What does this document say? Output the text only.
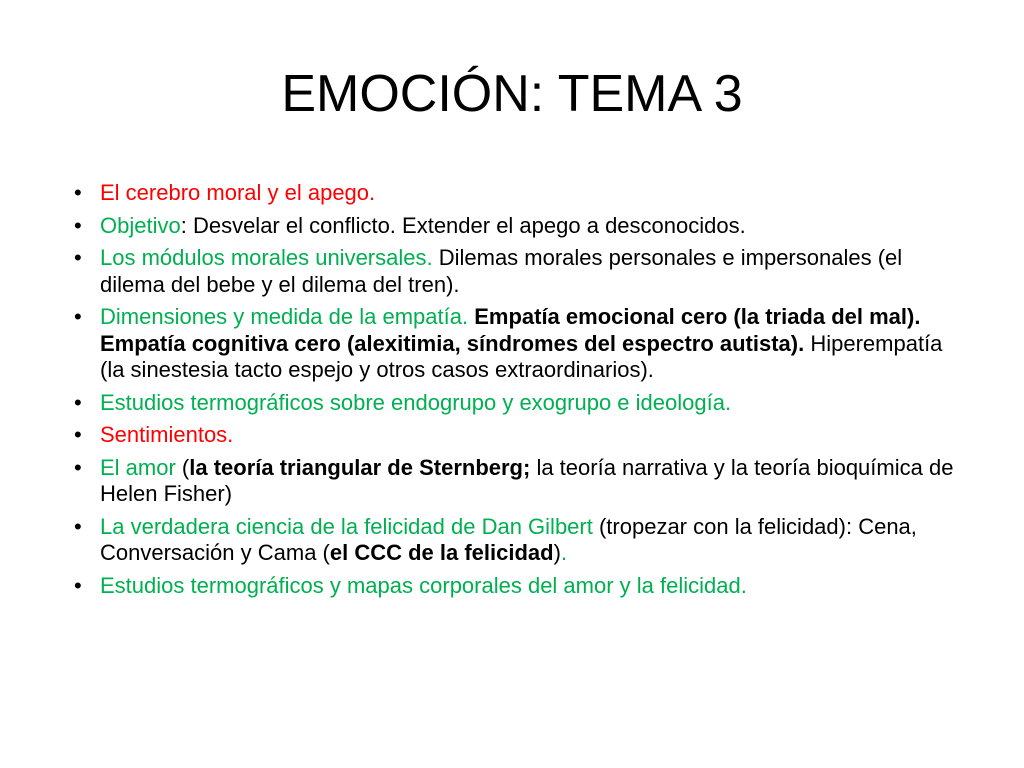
EMOCIÓN: TEMA 3
• El cerebro moral y el apego.
• Objetivo: Desvelar el conflicto. Extender el apego a desconocidos.
• Los módulos morales universales. Dilemas morales personales e impersonales (el dilema del bebe y el dilema del tren).
• Dimensiones y medida de la empatía. Empatía emocional cero (la triada del mal). Empatía cognitiva cero (alexitimia, síndromes del espectro autista). Hiperempatía (la sinestesia tacto espejo y otros casos extraordinarios).
• Estudios termográficos sobre endogrupo y exogrupo e ideología.
• Sentimientos.
• El amor (la teoría triangular de Sternberg; la teoría narrativa y la teoría bioquímica de Helen Fisher)
• La verdadera ciencia de la felicidad de Dan Gilbert (tropezar con la felicidad): Cena, Conversación y Cama (el CCC de la felicidad).
• Estudios termográficos y mapas corporales del amor y la felicidad.
